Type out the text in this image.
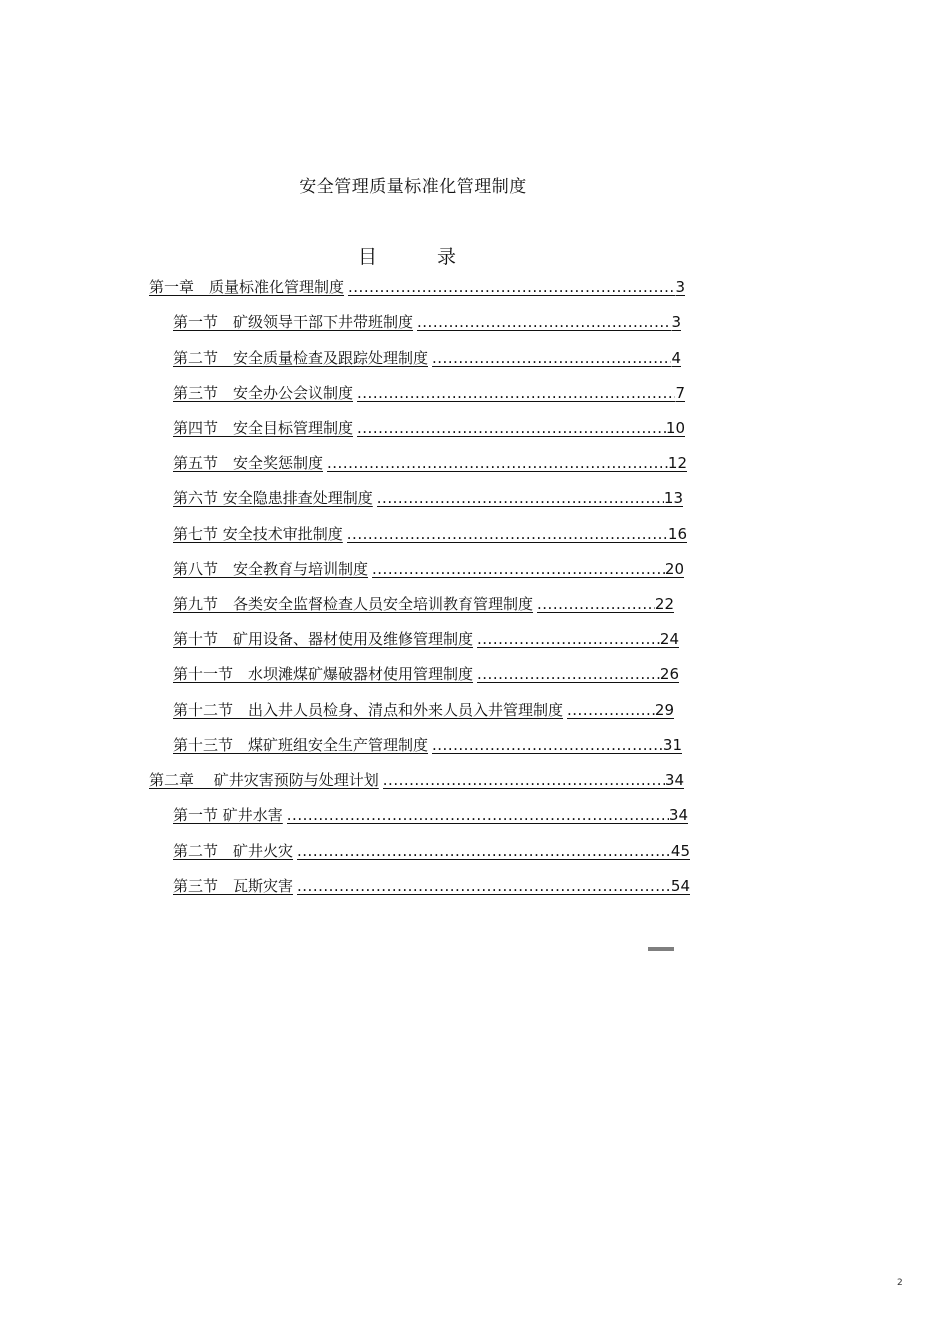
安全管理质量标准化管理制度
目	录
第一章　质量标准化管理制度 .....	3
第一节　矿级领导干部下井带班制度 .....	3
第二节　安全质量检查及跟踪处理制度 .....	4
第三节　安全办公会议制度 .....	7
第四节　安全目标管理制度 .....	10
第五节　安全奖惩制度 .....	12
第六节 安全隐患排查处理制度 .....	13
第七节 安全技术审批制度 .....	16
第八节　安全教育与培训制度 .....	20
第九节　各类安全监督检查人员安全培训教育管理制度 .....	22
第十节　矿用设备、器材使用及维修管理制度 .....	24
第十一节　水坝滩煤矿爆破器材使用管理制度 .....	26
第十二节　出入井人员检身、清点和外来人员入井管理制度 .....	29
第十三节　煤矿班组安全生产管理制度 .....	31
第二章　 矿井灾害预防与处理计划 .....	34
第一节 矿井水害 .....	34
第二节　矿井火灾 .....	45
第三节　瓦斯灾害 .....	54
2
